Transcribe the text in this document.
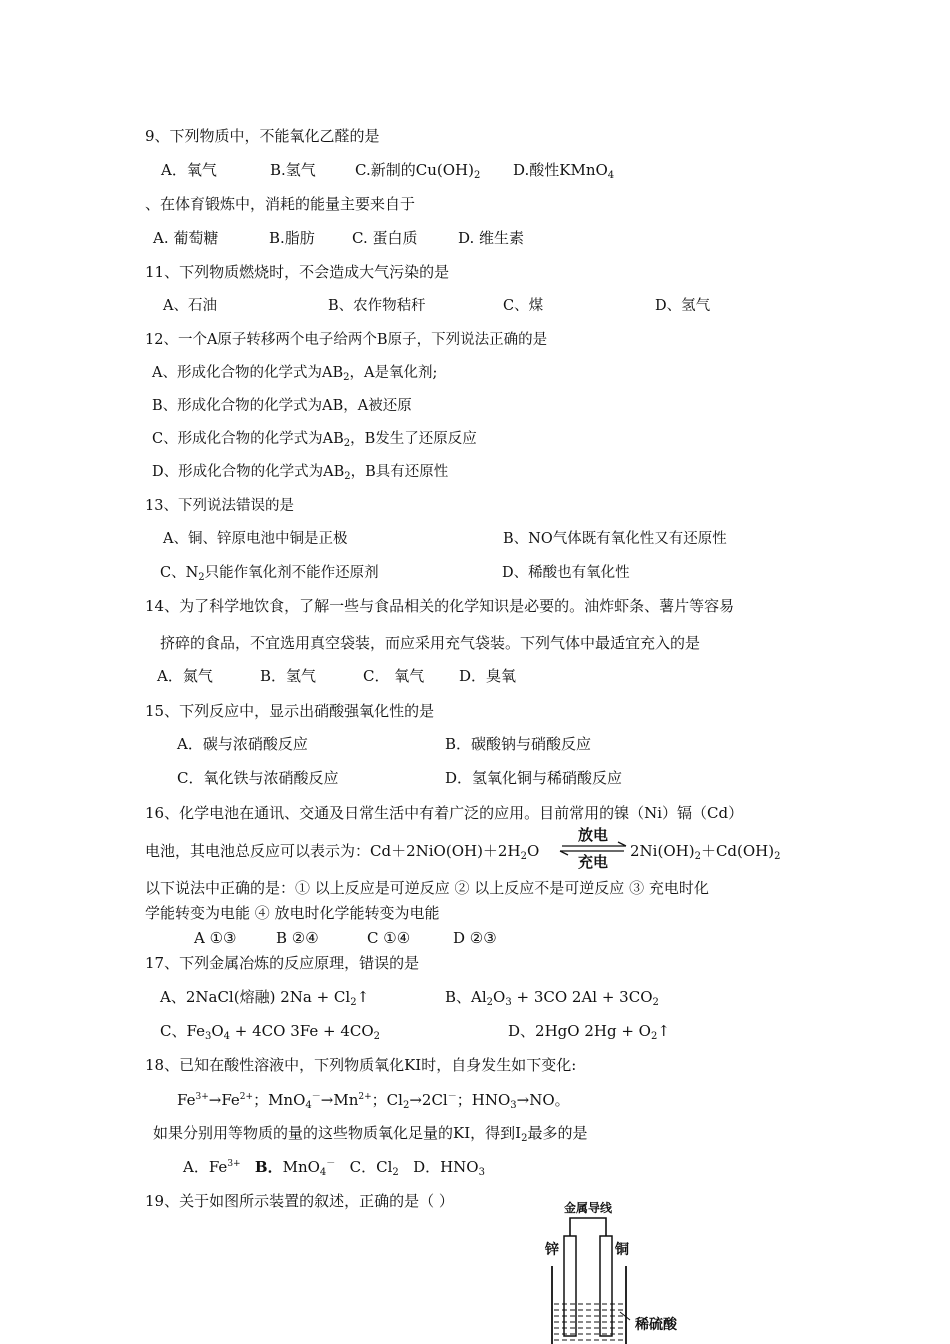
9、下列物质中，不能氧化乙醛的是
A．氧气	B.氢气	C.新制的$Cu(OH)_2$ D.酸性KMnO$_4$
、在体育锻炼中，消耗的能量主要来自于
A. 葡萄糖	B.脂肪 C. 蛋白质	D. 维生素
11、下列物质燃烧时，不会造成大气污染的是
A、石油	B、农作物秸秆	C、煤	D、氢气
12、一个A原子转移两个电子给两个B原子，下列说法正确的是
A、形成化合物的化学式为$AB_2$，A是氧化剂;
B、形成化合物的化学式为AB，A被还原
C、形成化合物的化学式为$AB_2$，B发生了还原反应
D、形成化合物的化学式为$AB_2$，B具有还原性
13、下列说法错误的是
A、铜、锌原电池中铜是正极	B、NO气体既有氧化性又有还原性
C、$N_2$只能作氧化剂不能作还原剂	D、稀酸也有氧化性
14、为了科学地饮食，了解一些与食品相关的化学知识是必要的。油炸虾条、薯片等容易
挤碎的食品，不宜选用真空袋装，而应采用充气袋装。下列气体中最适宜充入的是
A．氮气	B．氢气	C． 氧气 D．臭氧
15、下列反应中，显示出硝酸强氧化性的是
A．碳与浓硝酸反应	B．碳酸钠与硝酸反应
C．氧化铁与浓硝酸反应	D．氢氧化铜与稀硝酸反应
16、化学电池在通讯、交通及日常生活中有着广泛的应用。目前常用的镍（Ni）镉（Cd）
电池，其电池总反应可以表示为：$Cd+2NiO(OH)+2H_2O$
放电
充电
$2Ni(OH)_2+Cd(OH)_2$
以下说法中正确的是：① 以上反应是可逆反应 ② 以上反应不是可逆反应 ③ 充电时化
学能转变为电能 ④ 放电时化学能转变为电能
A ①③	B ②④	C ①④	D ②③
17、下列金属冶炼的反应原理，错误的是
A、2NaCl(熔融) $2Na + Cl_2↑$	B、$Al_2O_3 + 3CO$ $2Al + 3CO_2$
C、$Fe_3O_4 + 4CO$ $3Fe + 4CO_2$	D、2HgO $2Hg + O_2↑$
18、已知在酸性溶液中，下列物质氧化KI时，自身发生如下变化:
$Fe^{3+}\to Fe^{2+}$；$MnO_4^-\to Mn^{2+}$；$Cl_2\to 2Cl^-$；$HNO_3\to NO$。
如果分别用等物质的量的这些物质氧化足量的KI，得到$I_2$最多的是
A．$Fe^{3+}$ B．MnO$_4$－ C．$Cl_2$ D．$HNO_3$
19、关于如图所示装置的叙述，正确的是（ ）	金属导线
锌	铜
稀硫酸
